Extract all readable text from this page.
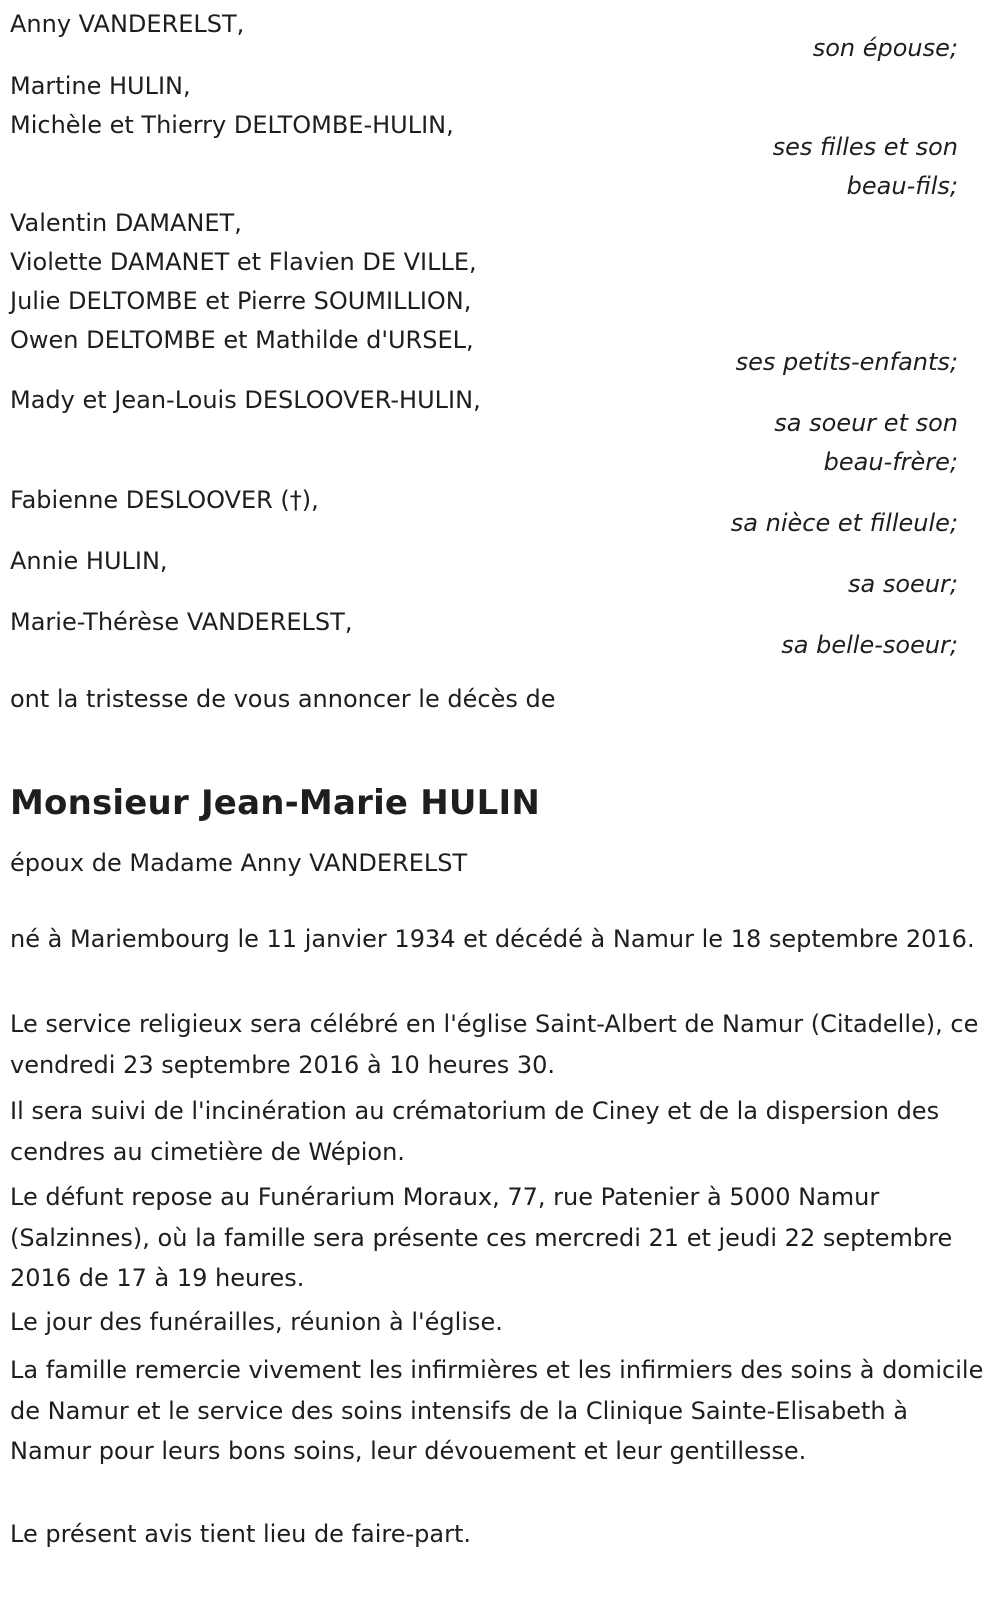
Anny VANDERELST,

son épouse;

Martine HULIN,

Michèle et Thierry DELTOMBE-HULIN,

ses filles et son

beau-fils;

Valentin DAMANET,

Violette DAMANET et Flavien DE VILLE,

Julie DELTOMBE et Pierre SOUMILLION,

Owen DELTOMBE et Mathilde d'URSEL,

ses petits-enfants;

Mady et Jean-Louis DESLOOVER-HULIN,

sa soeur et son

beau-frère;

Fabienne DESLOOVER (†),

sa nièce et filleule;

Annie HULIN,

sa soeur;

Marie-Thérèse VANDERELST,

sa belle-soeur;

ont la tristesse de vous annoncer le décès de

Monsieur Jean-Marie HULIN

époux de Madame Anny VANDERELST

né à Mariembourg le 11 janvier 1934 et décédé à Namur le 18 septembre 2016.

Le service religieux sera célébré en l'église Saint-Albert de Namur (Citadelle), ce vendredi 23 septembre 2016 à 10 heures 30.

Il sera suivi de l'incinération au crématorium de Ciney et de la dispersion des cendres au cimetière de Wépion.

Le défunt repose au Funérarium Moraux, 77, rue Patenier à 5000 Namur (Salzinnes), où la famille sera présente ces mercredi 21 et jeudi 22 septembre 2016 de 17 à 19 heures.

Le jour des funérailles, réunion à l'église.

La famille remercie vivement les infirmières et les infirmiers des soins à domicile de Namur et le service des soins intensifs de la Clinique Sainte-Elisabeth à Namur pour leurs bons soins, leur dévouement et leur gentillesse.

Le présent avis tient lieu de faire-part.
